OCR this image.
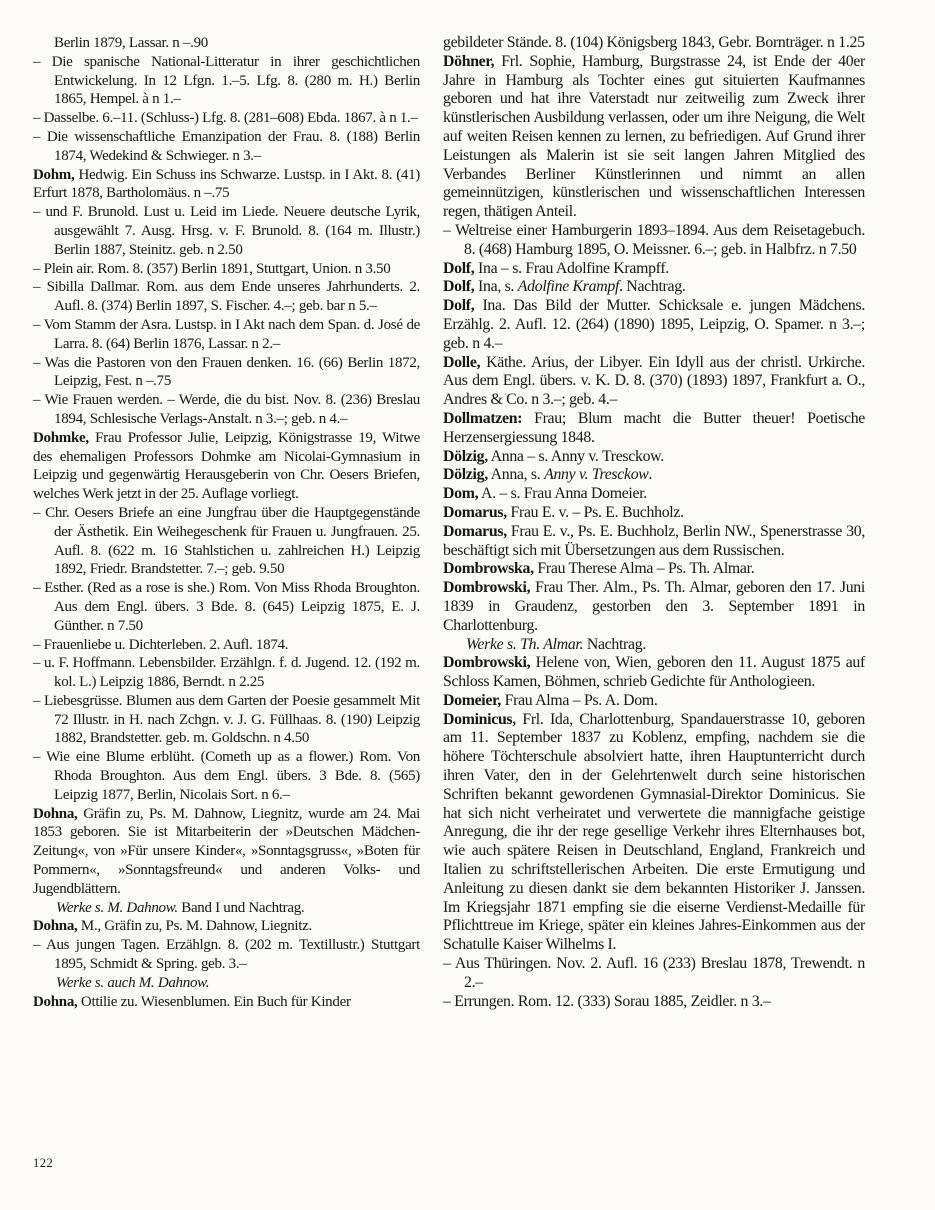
Berlin 1879, Lassar. n –.90

– Die spanische National-Litteratur in ihrer geschichtlichen Entwickelung. In 12 Lfgn. 1.–5. Lfg. 8. (280 m. H.) Berlin 1865, Hempel. à n 1.–

– Dasselbe. 6.–11. (Schluss-) Lfg. 8. (281–608) Ebda. 1867. à n 1.–

– Die wissenschaftliche Emanzipation der Frau. 8. (188) Berlin 1874, Wedekind & Schwieger. n 3.–

Dohm, Hedwig. Ein Schuss ins Schwarze. Lustsp. in I Akt. 8. (41) Erfurt 1878, Bartholomäus. n –.75

– und F. Brunold. Lust u. Leid im Liede. Neuere deutsche Lyrik, ausgewählt 7. Ausg. Hrsg. v. F. Brunold. 8. (164 m. Illustr.) Berlin 1887, Steinitz. geb. n 2.50

– Plein air. Rom. 8. (357) Berlin 1891, Stuttgart, Union. n 3.50

– Sibilla Dallmar. Rom. aus dem Ende unseres Jahrhunderts. 2. Aufl. 8. (374) Berlin 1897, S. Fischer. 4.–; geb. bar n 5.–

– Vom Stamm der Asra. Lustsp. in I Akt nach dem Span. d. José de Larra. 8. (64) Berlin 1876, Lassar. n 2.–

– Was die Pastoren von den Frauen denken. 16. (66) Berlin 1872, Leipzig, Fest. n –.75

– Wie Frauen werden. – Werde, die du bist. Nov. 8. (236) Breslau 1894, Schlesische Verlags-Anstalt. n 3.–; geb. n 4.–

Dohmke, Frau Professor Julie, Leipzig, Königstrasse 19, Witwe des ehemaligen Professors Dohmke am Nicolai-Gymnasium in Leipzig und gegenwärtig Herausgeberin von Chr. Oesers Briefen, welches Werk jetzt in der 25. Auflage vorliegt.

– Chr. Oesers Briefe an eine Jungfrau über die Hauptgegenstände der Ästhetik. Ein Weihegeschenk für Frauen u. Jungfrauen. 25. Aufl. 8. (622 m. 16 Stahlstichen u. zahlreichen H.) Leipzig 1892, Friedr. Brandstetter. 7.–; geb. 9.50

– Esther. (Red as a rose is she.) Rom. Von Miss Rhoda Broughton. Aus dem Engl. übers. 3 Bde. 8. (645) Leipzig 1875, E. J. Günther. n 7.50

– Frauenliebe u. Dichterleben. 2. Aufl. 1874.

– u. F. Hoffmann. Lebensbilder. Erzählgn. f. d. Jugend. 12. (192 m. kol. L.) Leipzig 1886, Berndt. n 2.25

– Liebesgrüsse. Blumen aus dem Garten der Poesie gesammelt Mit 72 Illustr. in H. nach Zchgn. v. J. G. Füllhaas. 8. (190) Leipzig 1882, Brandstetter. geb. m. Goldschn. n 4.50

– Wie eine Blume erblüht. (Cometh up as a flower.) Rom. Von Rhoda Broughton. Aus dem Engl. übers. 3 Bde. 8. (565) Leipzig 1877, Berlin, Nicolais Sort. n 6.–

Dohna, Gräfin zu, Ps. M. Dahnow, Liegnitz, wurde am 24. Mai 1853 geboren. Sie ist Mitarbeiterin der »Deutschen Mädchen-Zeitung«, von »Für unsere Kinder«, »Sonntagsgruss«, »Boten für Pommern«, »Sonntagsfreund« und anderen Volks- und Jugendblättern.

Werke s. M. Dahnow. Band I und Nachtrag.

Dohna, M., Gräfin zu, Ps. M. Dahnow, Liegnitz.

– Aus jungen Tagen. Erzählgn. 8. (202 m. Textillustr.) Stuttgart 1895, Schmidt & Spring. geb. 3.–

Werke s. auch M. Dahnow.

Dohna, Ottilie zu. Wiesenblumen. Ein Buch für Kinder

gebildeter Stände. 8. (104) Königsberg 1843, Gebr. Bornträger. n 1.25

Döhner, Frl. Sophie, Hamburg, Burgstrasse 24, ist Ende der 40er Jahre in Hamburg als Tochter eines gut situierten Kaufmannes geboren und hat ihre Vaterstadt nur zeitweilig zum Zweck ihrer künstlerischen Ausbildung verlassen, oder um ihre Neigung, die Welt auf weiten Reisen kennen zu lernen, zu befriedigen. Auf Grund ihrer Leistungen als Malerin ist sie seit langen Jahren Mitglied des Verbandes Berliner Künstlerinnen und nimmt an allen gemeinnützigen, künstlerischen und wissenschaftlichen Interessen regen, thätigen Anteil.

– Weltreise einer Hamburgerin 1893–1894. Aus dem Reisetagebuch. 8. (468) Hamburg 1895, O. Meissner. 6.–; geb. in Halbfrz. n 7.50

Dolf, Ina – s. Frau Adolfine Krampff.

Dolf, Ina, s. Adolfine Krampf. Nachtrag.

Dolf, Ina. Das Bild der Mutter. Schicksale e. jungen Mädchens. Erzählg. 2. Aufl. 12. (264) (1890) 1895, Leipzig, O. Spamer. n 3.–; geb. n 4.–

Dolle, Käthe. Arius, der Libyer. Ein Idyll aus der christl. Urkirche. Aus dem Engl. übers. v. K. D. 8. (370) (1893) 1897, Frankfurt a. O., Andres & Co. n 3.–; geb. 4.–

Dollmatzen: Frau; Blum macht die Butter theuer! Poetische Herzensergiessung 1848.

Dölzig, Anna – s. Anny v. Tresckow.

Dölzig, Anna, s. Anny v. Tresckow.

Dom, A. – s. Frau Anna Domeier.

Domarus, Frau E. v. – Ps. E. Buchholz.

Domarus, Frau E. v., Ps. E. Buchholz, Berlin NW., Spenerstrasse 30, beschäftigt sich mit Übersetzungen aus dem Russischen.

Dombrowska, Frau Therese Alma – Ps. Th. Almar.

Dombrowski, Frau Ther. Alm., Ps. Th. Almar, geboren den 17. Juni 1839 in Graudenz, gestorben den 3. September 1891 in Charlottenburg.

Werke s. Th. Almar. Nachtrag.

Dombrowski, Helene von, Wien, geboren den 11. August 1875 auf Schloss Kamen, Böhmen, schrieb Gedichte für Anthologieen.

Domeier, Frau Alma – Ps. A. Dom.

Dominicus, Frl. Ida, Charlottenburg, Spandauerstrasse 10, geboren am 11. September 1837 zu Koblenz, empfing, nachdem sie die höhere Töchterschule absolviert hatte, ihren Hauptunterricht durch ihren Vater, den in der Gelehrtenwelt durch seine historischen Schriften bekannt gewordenen Gymnasial-Direktor Dominicus. Sie hat sich nicht verheiratet und verwertete die mannigfache geistige Anregung, die ihr der rege gesellige Verkehr ihres Elternhauses bot, wie auch spätere Reisen in Deutschland, England, Frankreich und Italien zu schriftstellerischen Arbeiten. Die erste Ermutigung und Anleitung zu diesen dankt sie dem bekannten Historiker J. Janssen. Im Kriegsjahr 1871 empfing sie die eiserne Verdienst-Medaille für Pflichttreue im Kriege, später ein kleines Jahres-Einkommen aus der Schatulle Kaiser Wilhelms I.

– Aus Thüringen. Nov. 2. Aufl. 16 (233) Breslau 1878, Trewendt. n 2.–

– Errungen. Rom. 12. (333) Sorau 1885, Zeidler. n 3.–

122
